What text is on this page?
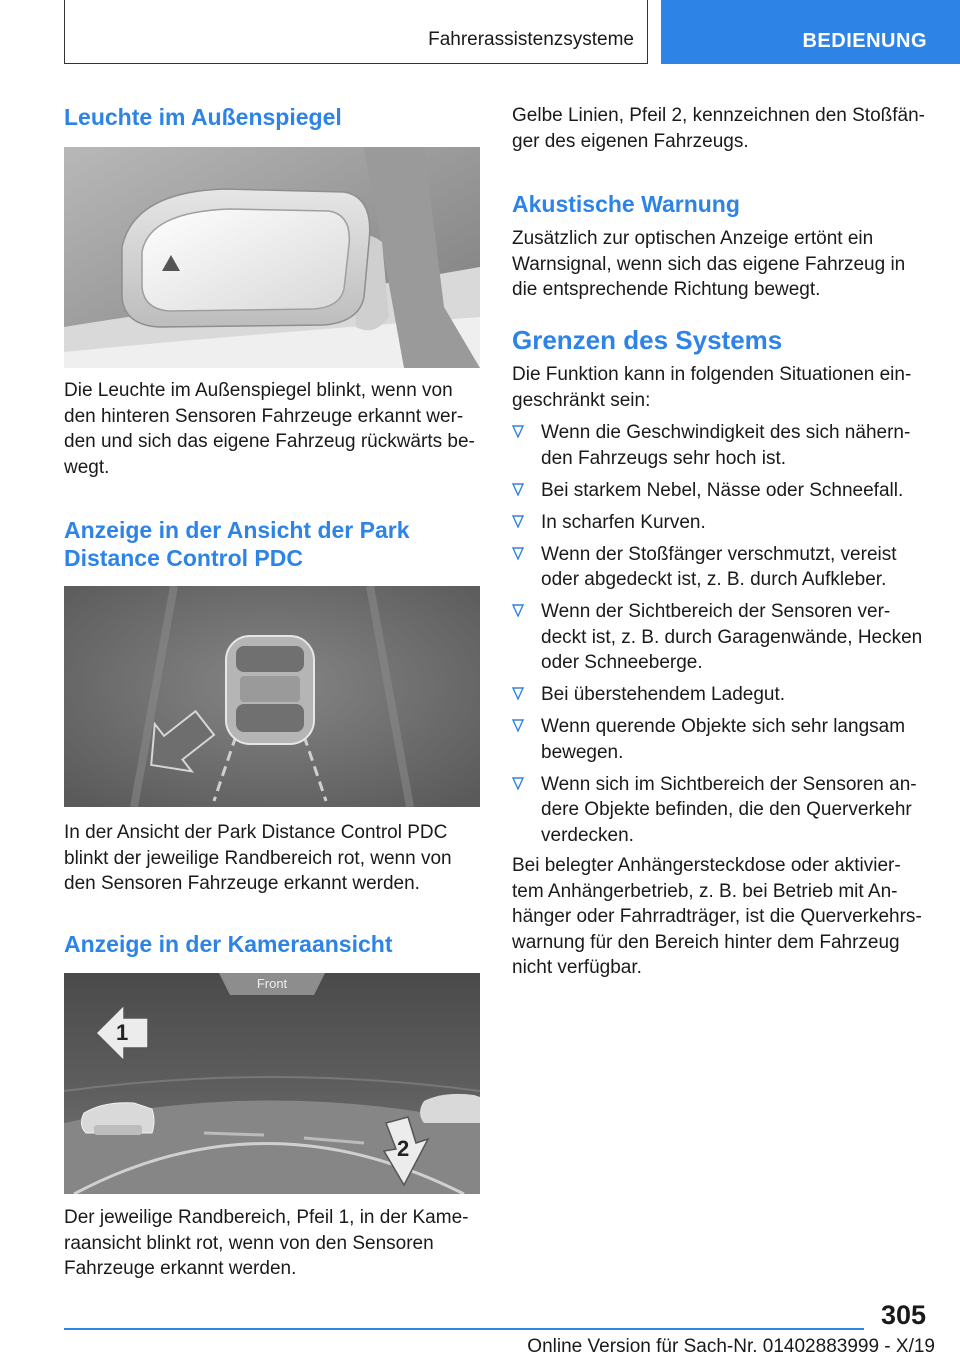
Fahrerassistenzsysteme	BEDIENUNG
Leuchte im Außenspiegel

Die Leuchte im Außenspiegel blinkt, wenn von den hinteren Sensoren Fahrzeuge erkannt werden und sich das eigene Fahrzeug rückwärts bewegt.

Anzeige in der Ansicht der Park Distance Control PDC

In der Ansicht der Park Distance Control PDC blinkt der jeweilige Randbereich rot, wenn von den Sensoren Fahrzeuge erkannt werden.

Anzeige in der Kameraansicht
Front
1
2

Der jeweilige Randbereich, Pfeil 1, in der Kameraansicht blinkt rot, wenn von den Sensoren Fahrzeuge erkannt werden.

Gelbe Linien, Pfeil 2, kennzeichnen den Stoßfänger des eigenen Fahrzeugs.

Akustische Warnung

Zusätzlich zur optischen Anzeige ertönt ein Warnsignal, wenn sich das eigene Fahrzeug in die entsprechende Richtung bewegt.

Grenzen des Systems

Die Funktion kann in folgenden Situationen eingeschränkt sein:

Wenn die Geschwindigkeit des sich nähernden Fahrzeugs sehr hoch ist.
Bei starkem Nebel, Nässe oder Schneefall.
In scharfen Kurven.
Wenn der Stoßfänger verschmutzt, vereist oder abgedeckt ist, z. B. durch Aufkleber.
Wenn der Sichtbereich der Sensoren verdeckt ist, z. B. durch Garagenwände, Hecken oder Schneeberge.
Bei überstehendem Ladegut.
Wenn querende Objekte sich sehr langsam bewegen.
Wenn sich im Sichtbereich der Sensoren andere Objekte befinden, die den Querverkehr verdecken.

Bei belegter Anhängersteckdose oder aktiviertem Anhängerbetrieb, z. B. bei Betrieb mit Anhänger oder Fahrradträger, ist die Querverkehrswarnung für den Bereich hinter dem Fahrzeug nicht verfügbar.

305
Online Version für Sach-Nr. 01402883999 - X/19
